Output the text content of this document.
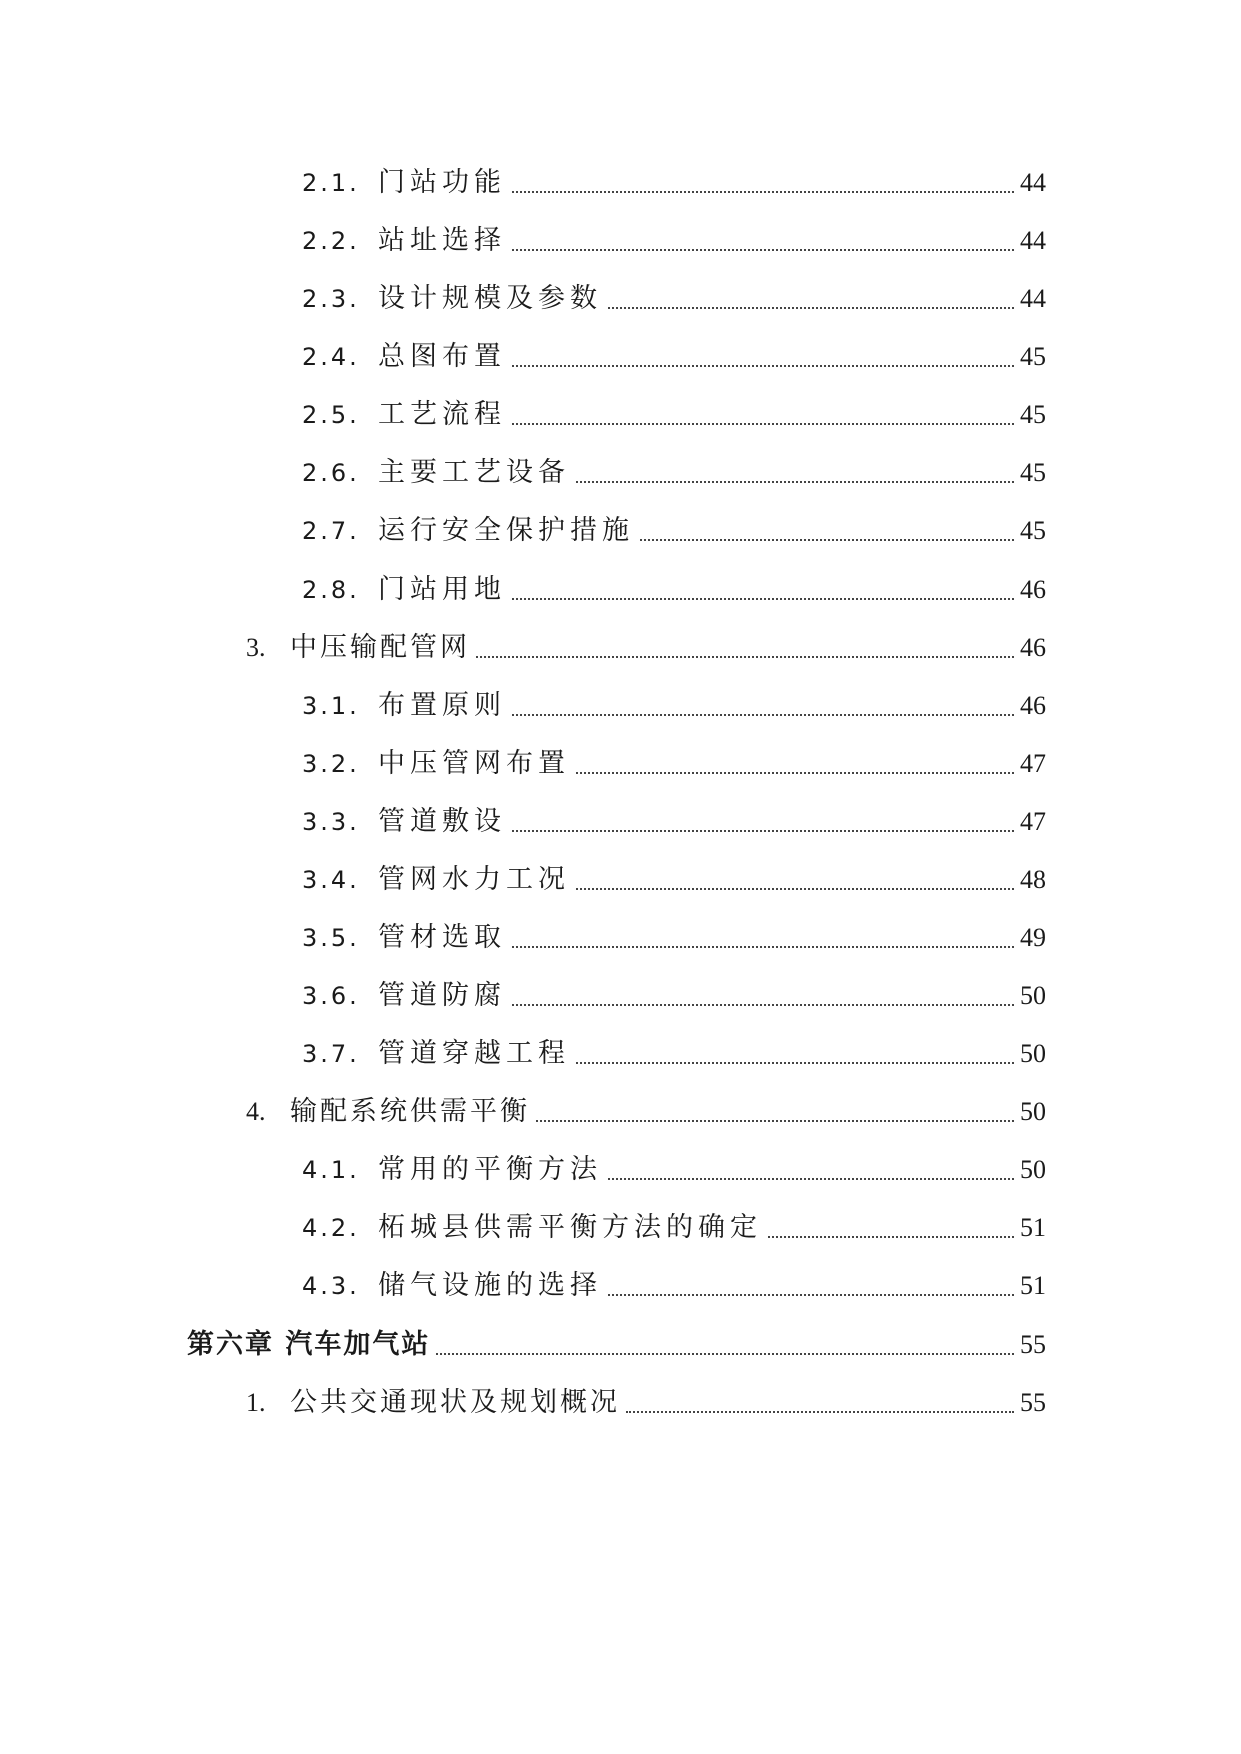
2.1. 门站功能	44
2.2. 站址选择	44
2.3. 设计规模及参数	44
2.4. 总图布置	45
2.5. 工艺流程	45
2.6. 主要工艺设备	45
2.7. 运行安全保护措施	45
2.8. 门站用地	46
3. 中压输配管网	46
3.1. 布置原则	46
3.2. 中压管网布置	47
3.3. 管道敷设	47
3.4. 管网水力工况	48
3.5. 管材选取	49
3.6. 管道防腐	50
3.7. 管道穿越工程	50
4. 输配系统供需平衡	50
4.1. 常用的平衡方法	50
4.2. 柘城县供需平衡方法的确定	51
4.3. 储气设施的选择	51
第六章 汽车加气站	55
1. 公共交通现状及规划概况	55
